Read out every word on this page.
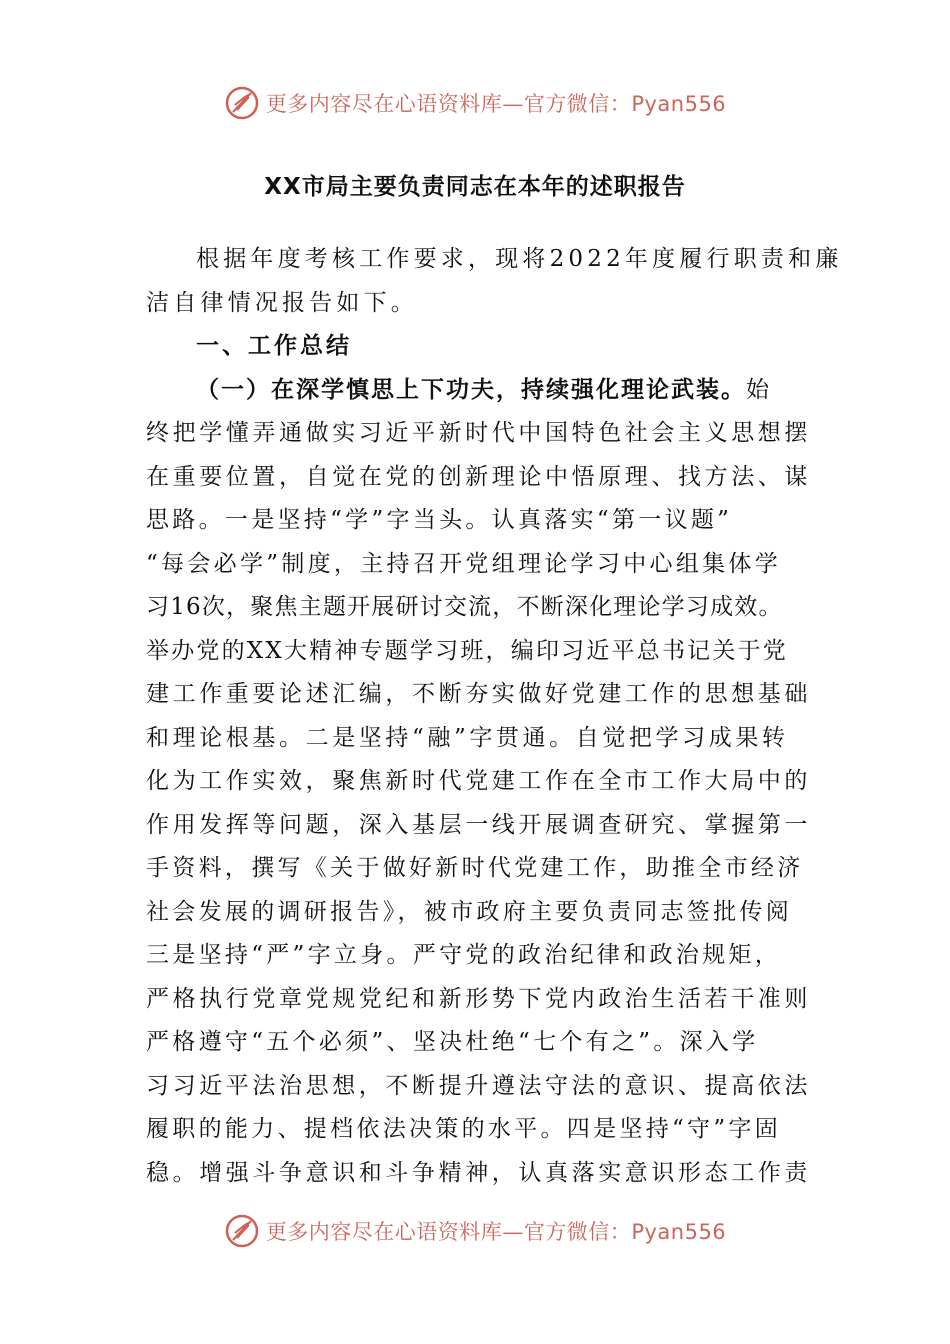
更多内容尽在心语资料库—官方微信：Pyan556
XX市局主要负责同志在本年的述职报告
根据年度考核工作要求，现将2022年度履行职责和廉
洁自律情况报告如下。
一、工作总结
（一）在深学慎思上下功夫，持续强化理论武装。始
终把学懂弄通做实习近平新时代中国特色社会主义思想摆
在重要位置，自觉在党的创新理论中悟原理、找方法、谋
思路。一是坚持“学”字当头。认真落实“第一议题”
“每会必学”制度，主持召开党组理论学习中心组集体学
习16次，聚焦主题开展研讨交流，不断深化理论学习成效。
举办党的XX大精神专题学习班，编印习近平总书记关于党
建工作重要论述汇编，不断夯实做好党建工作的思想基础
和理论根基。二是坚持“融”字贯通。自觉把学习成果转
化为工作实效，聚焦新时代党建工作在全市工作大局中的
作用发挥等问题，深入基层一线开展调查研究、掌握第一
手资料，撰写《关于做好新时代党建工作，助推全市经济
社会发展的调研报告》，被市政府主要负责同志签批传阅
三是坚持“严”字立身。严守党的政治纪律和政治规矩，
严格执行党章党规党纪和新形势下党内政治生活若干准则
严格遵守“五个必须”、坚决杜绝“七个有之”。深入学
习习近平法治思想，不断提升遵法守法的意识、提高依法
履职的能力、提档依法决策的水平。四是坚持“守”字固
稳。增强斗争意识和斗争精神，认真落实意识形态工作责
更多内容尽在心语资料库—官方微信：Pyan556
